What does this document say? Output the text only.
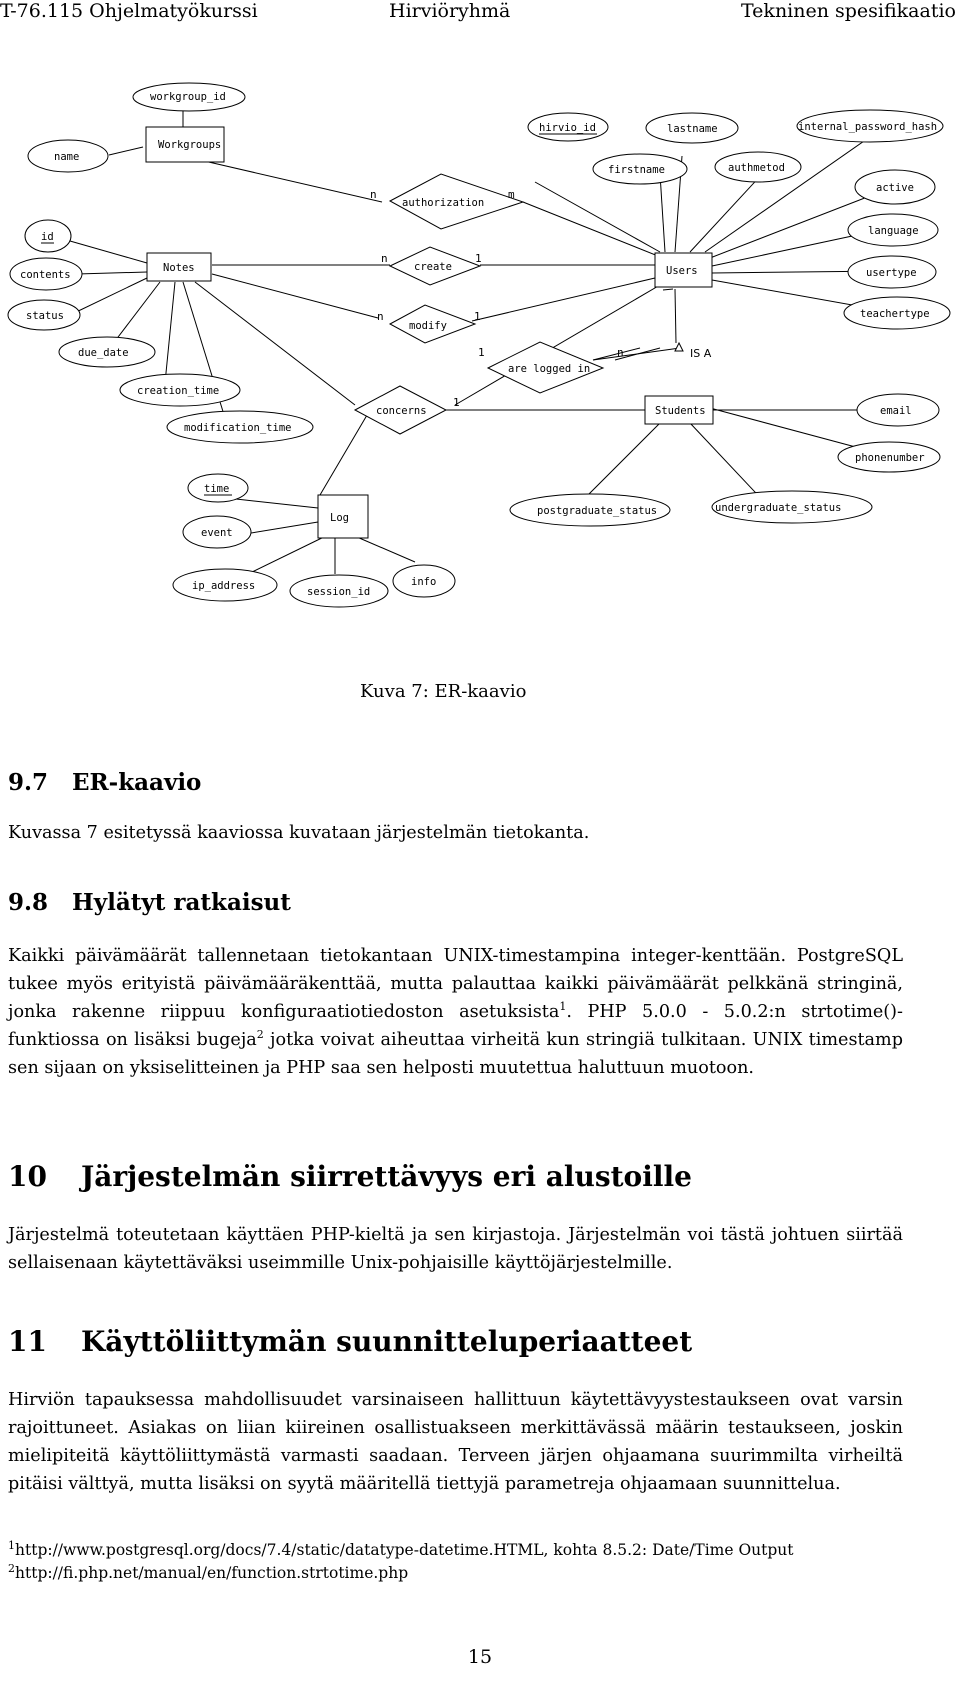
T-76.115 Ohjelmatyökurssi	Hirviöryhmä	Tekninen spesifikaatio
IS A
Workgroups
Notes	Users
Students
Log
authorization
create
modify
are logged in
concerns
n	m
n	1
n	1
1	n
1
workgroup_id
name
id
contents
status
due_date
creation_time
modification_time
hirvio_id	lastname	internal_password_hash
firstname	authmetod
active
language
usertype
teachertype
email
phonenumber
postgraduate_status	undergraduate_status
time
event
ip_address	session_id
info
Kuva 7: ER-kaavio
9.7 ER-kaavio

Kuvassa 7 esitetyssä kaaviossa kuvataan järjestelmän tietokanta.

9.8 Hylätyt ratkaisut

Kaikki päivämäärät tallennetaan tietokantaan UNIX-timestampina integer-kenttään. PostgreSQL tukee myös erityistä päivämääräkenttää, mutta palauttaa kaikki päivämäärät pelkkänä stringinä, jonka rakenne riippuu konfiguraatiotiedoston asetuksista$^1$. PHP 5.0.0 - 5.0.2:n strtotime()-funktiossa on lisäksi bugeja$^2$ jotka voivat aiheuttaa virheitä kun stringiä tulkitaan. UNIX timestamp sen sijaan on yksiselitteinen ja PHP saa sen helposti muutettua haluttuun muotoon.

10 Järjestelmän siirrettävyys eri alustoille

Järjestelmä toteutetaan käyttäen PHP-kieltä ja sen kirjastoja. Järjestelmän voi tästä johtuen siirtää sellaisenaan käytettäväksi useimmille Unix-pohjaisille käyttöjärjestelmille.

11 Käyttöliittymän suunnitteluperiaatteet

Hirviön tapauksessa mahdollisuudet varsinaiseen hallittuun käytettävyystestaukseen ovat varsin rajoittuneet. Asiakas on liian kiireinen osallistuakseen merkittävässä määrin testaukseen, joskin mielipiteitä käyttöliittymästä varmasti saadaan. Terveen järjen ohjaamana suurimmilta virheiltä pitäisi välttyä, mutta lisäksi on syytä määritellä tiettyjä parametreja ohjaamaan suunnittelua.

$^1$http://www.postgresql.org/docs/7.4/static/datatype-datetime.HTML, kohta 8.5.2: Date/Time Output
$^2$http://fi.php.net/manual/en/function.strtotime.php
15
